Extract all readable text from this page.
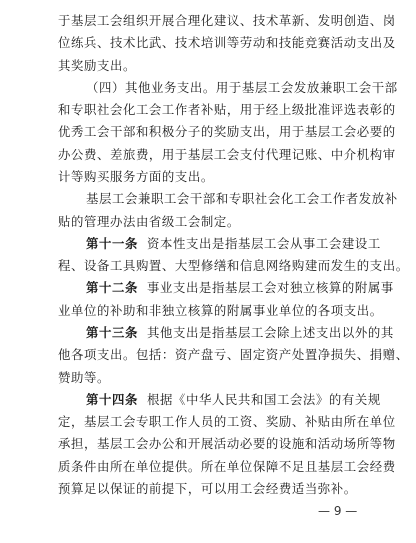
于基层工会组织开展合理化建议、技术革新、发明创造、岗
位练兵、技术比武、技术培训等劳动和技能竞赛活动支出及
其奖励支出。
（四）其他业务支出。用于基层工会发放兼职工会干部
和专职社会化工会工作者补贴，用于经上级批准评选表彰的
优秀工会干部和积极分子的奖励支出，用于基层工会必要的
办公费、差旅费，用于基层工会支付代理记账、中介机构审
计等购买服务方面的支出。
基层工会兼职工会干部和专职社会化工会工作者发放补
贴的管理办法由省级工会制定。
第十一条 资本性支出是指基层工会从事工会建设工
程、设备工具购置、大型修缮和信息网络购建而发生的支出。
第十二条 事业支出是指基层工会对独立核算的附属事
业单位的补助和非独立核算的附属事业单位的各项支出。
第十三条 其他支出是指基层工会除上述支出以外的其
他各项支出。包括：资产盘亏、固定资产处置净损失、捐赠、
赞助等。
第十四条 根据《中华人民共和国工会法》的有关规
定，基层工会专职工作人员的工资、奖励、补贴由所在单位
承担，基层工会办公和开展活动必要的设施和活动场所等物
质条件由所在单位提供。所在单位保障不足且基层工会经费
预算足以保证的前提下，可以用工会经费适当弥补。
— 9 —
